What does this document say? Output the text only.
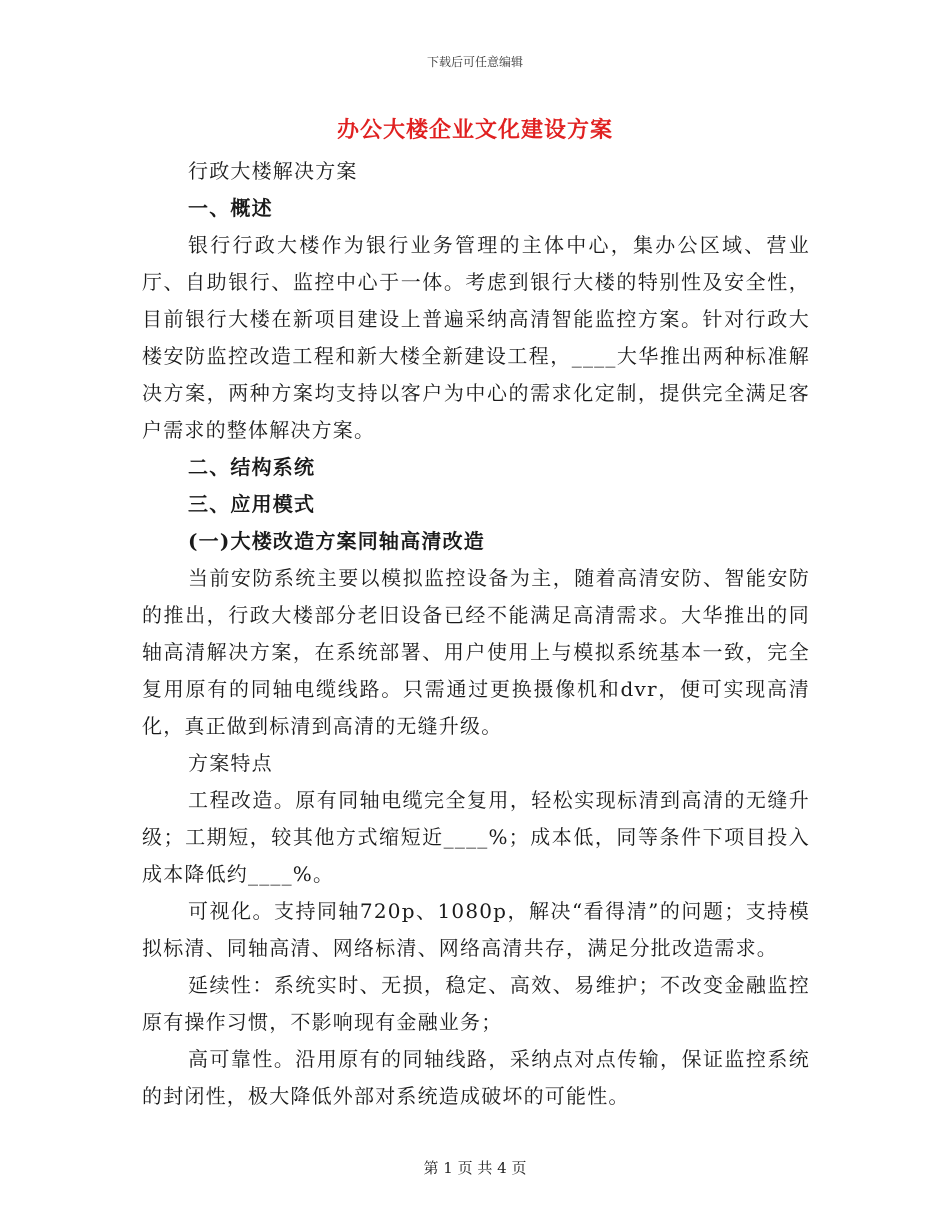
下载后可任意编辑
办公大楼企业文化建设方案

行政大楼解决方案

一、概述

银行行政大楼作为银行业务管理的主体中心，集办公区域、营业厅、自助银行、监控中心于一体。考虑到银行大楼的特别性及安全性，目前银行大楼在新项目建设上普遍采纳高清智能监控方案。针对行政大楼安防监控改造工程和新大楼全新建设工程，____大华推出两种标准解决方案，两种方案均支持以客户为中心的需求化定制，提供完全满足客户需求的整体解决方案。

二、结构系统

三、应用模式

(一)大楼改造方案同轴高清改造

当前安防系统主要以模拟监控设备为主，随着高清安防、智能安防的推出，行政大楼部分老旧设备已经不能满足高清需求。大华推出的同轴高清解决方案，在系统部署、用户使用上与模拟系统基本一致，完全复用原有的同轴电缆线路。只需通过更换摄像机和dvr，便可实现高清化，真正做到标清到高清的无缝升级。

方案特点

工程改造。原有同轴电缆完全复用，轻松实现标清到高清的无缝升级；工期短，较其他方式缩短近____%；成本低，同等条件下项目投入成本降低约____%。

可视化。支持同轴720p、1080p，解决“看得清”的问题；支持模拟标清、同轴高清、网络标清、网络高清共存，满足分批改造需求。

延续性：系统实时、无损，稳定、高效、易维护；不改变金融监控原有操作习惯，不影响现有金融业务；

高可靠性。沿用原有的同轴线路，采纳点对点传输，保证监控系统的封闭性，极大降低外部对系统造成破坏的可能性。

第 1 页 共 4 页
